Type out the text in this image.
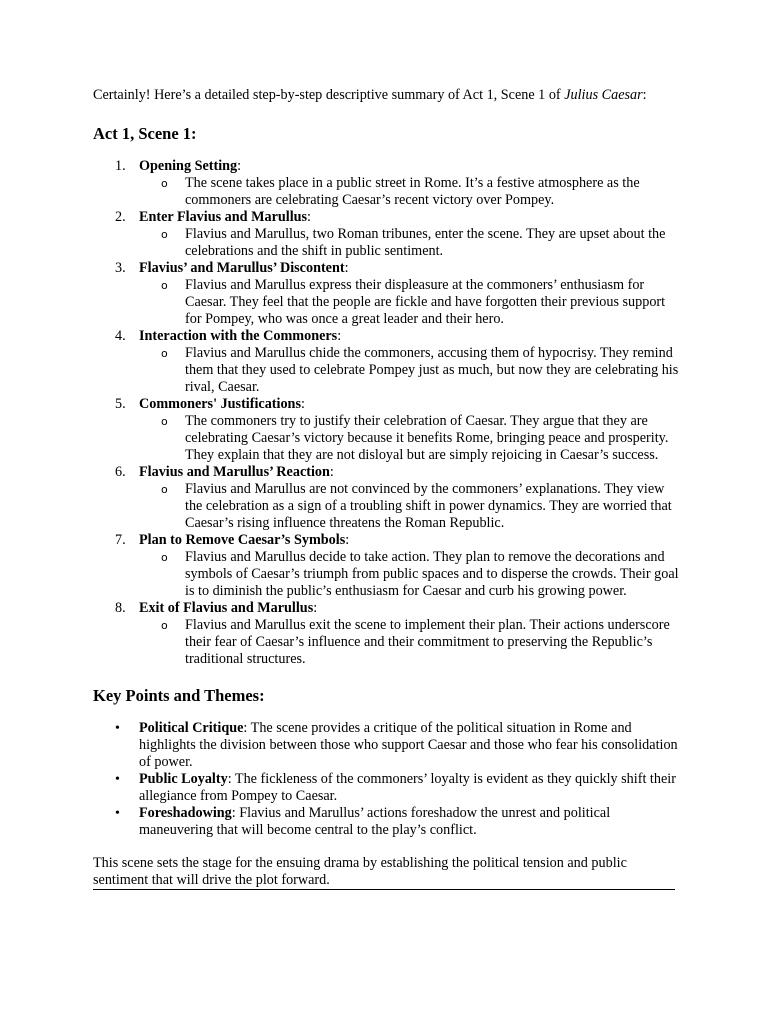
Certainly! Here’s a detailed step-by-step descriptive summary of Act 1, Scene 1 of Julius Caesar:

Act 1, Scene 1:
1. Opening Setting:
o The scene takes place in a public street in Rome. It’s a festive atmosphere as the commoners are celebrating Caesar’s recent victory over Pompey.
2. Enter Flavius and Marullus:
o Flavius and Marullus, two Roman tribunes, enter the scene. They are upset about the celebrations and the shift in public sentiment.
3. Flavius’ and Marullus’ Discontent:
o Flavius and Marullus express their displeasure at the commoners’ enthusiasm for Caesar. They feel that the people are fickle and have forgotten their previous support for Pompey, who was once a great leader and their hero.
4. Interaction with the Commoners:
o Flavius and Marullus chide the commoners, accusing them of hypocrisy. They remind them that they used to celebrate Pompey just as much, but now they are celebrating his rival, Caesar.
5. Commoners' Justifications:
o The commoners try to justify their celebration of Caesar. They argue that they are celebrating Caesar’s victory because it benefits Rome, bringing peace and prosperity. They explain that they are not disloyal but are simply rejoicing in Caesar’s success.
6. Flavius and Marullus’ Reaction:
o Flavius and Marullus are not convinced by the commoners’ explanations. They view the celebration as a sign of a troubling shift in power dynamics. They are worried that Caesar’s rising influence threatens the Roman Republic.
7. Plan to Remove Caesar’s Symbols:
o Flavius and Marullus decide to take action. They plan to remove the decorations and symbols of Caesar’s triumph from public spaces and to disperse the crowds. Their goal is to diminish the public’s enthusiasm for Caesar and curb his growing power.
8. Exit of Flavius and Marullus:
o Flavius and Marullus exit the scene to implement their plan. Their actions underscore their fear of Caesar’s influence and their commitment to preserving the Republic’s traditional structures.
Key Points and Themes:
• Political Critique: The scene provides a critique of the political situation in Rome and highlights the division between those who support Caesar and those who fear his consolidation of power.
• Public Loyalty: The fickleness of the commoners’ loyalty is evident as they quickly shift their allegiance from Pompey to Caesar.
• Foreshadowing: Flavius and Marullus’ actions foreshadow the unrest and political maneuvering that will become central to the play’s conflict.

This scene sets the stage for the ensuing drama by establishing the political tension and public sentiment that will drive the plot forward.
